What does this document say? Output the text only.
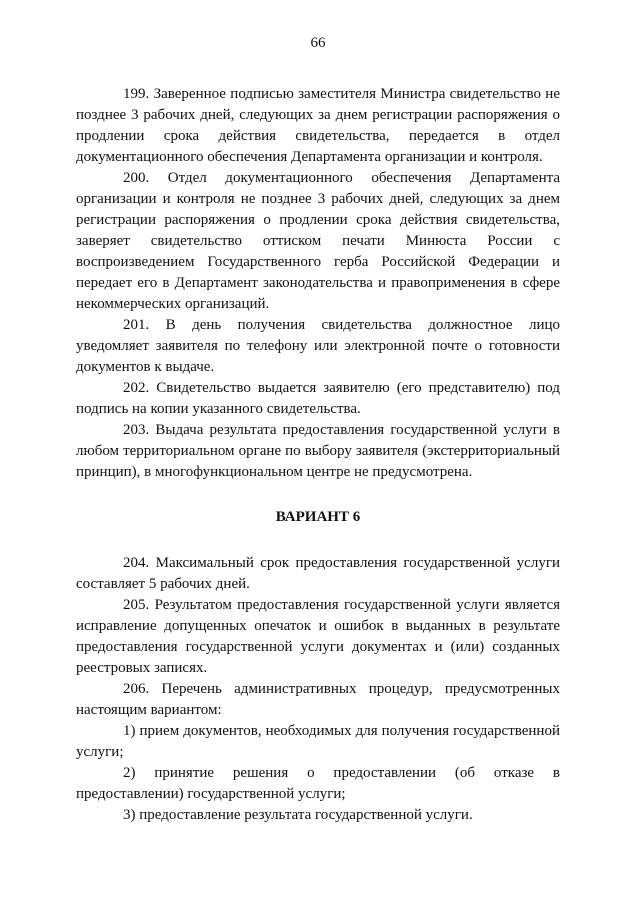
66

199. Заверенное подписью заместителя Министра свидетельство не позднее 3 рабочих дней, следующих за днем регистрации распоряжения о продлении срока действия свидетельства, передается в отдел документационного обеспечения Департамента организации и контроля.

200. Отдел документационного обеспечения Департамента организации и контроля не позднее 3 рабочих дней, следующих за днем регистрации распоряжения о продлении срока действия свидетельства, заверяет свидетельство оттиском печати Минюста России с воспроизведением Государственного герба Российской Федерации и передает его в Департамент законодательства и правоприменения в сфере некоммерческих организаций.

201. В день получения свидетельства должностное лицо уведомляет заявителя по телефону или электронной почте о готовности документов к выдаче.

202. Свидетельство выдается заявителю (его представителю) под подпись на копии указанного свидетельства.

203. Выдача результата предоставления государственной услуги в любом территориальном органе по выбору заявителя (экстерриториальный принцип), в многофункциональном центре не предусмотрена.

ВАРИАНТ 6

204. Максимальный срок предоставления государственной услуги составляет 5 рабочих дней.

205. Результатом предоставления государственной услуги является исправление допущенных опечаток и ошибок в выданных в результате предоставления государственной услуги документах и (или) созданных реестровых записях.

206. Перечень административных процедур, предусмотренных настоящим вариантом:

1) прием документов, необходимых для получения государственной услуги;

2) принятие решения о предоставлении (об отказе в предоставлении) государственной услуги;

3) предоставление результата государственной услуги.
